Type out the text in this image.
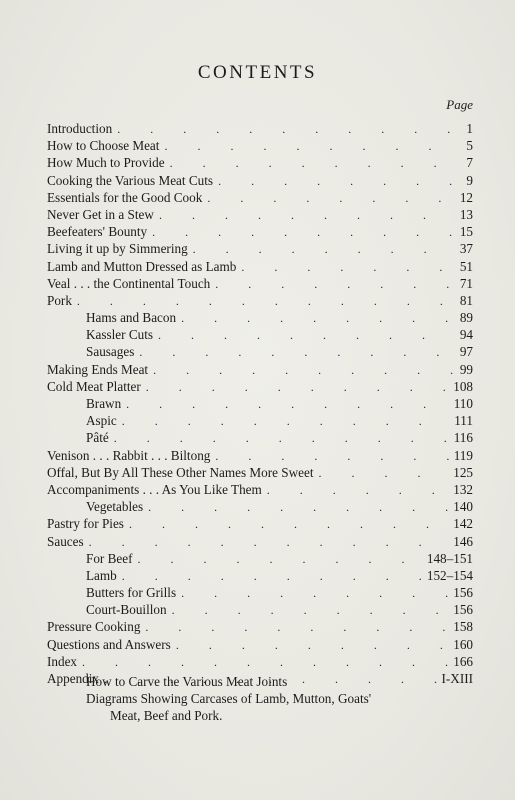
CONTENTS
Page
Introduction . . .	1
How to Choose Meat . . .	5
How Much to Provide . . .	7
Cooking the Various Meat Cuts . . .	9
Essentials for the Good Cook . . .	12
Never Get in a Stew . . .	13
Beefeaters' Bounty . . .	15
Living it up by Simmering . . .	37
Lamb and Mutton Dressed as Lamb . . .	51
Veal . . . the Continental Touch . . .	71
Pork . . .	81
Hams and Bacon . . .	89
Kassler Cuts . . .	94
Sausages . . .	97
Making Ends Meat . . .	99
Cold Meat Platter . . .	108
Brawn . . .	110
Aspic . . .	111
Pâté . . .	116
Venison . . . Rabbit . . . Biltong . . .	119
Offal, But By All These Other Names More Sweet . . .	125
Accompaniments . . . As You Like Them . . .	132
Vegetables . . .	140
Pastry for Pies . . .	142
Sauces . . .	146
For Beef . . .	148–151
Lamb . . .	152–154
Butters for Grills . . .	156
Court-Bouillon . . .	156
Pressure Cooking . . .	158
Questions and Answers . . .	160
Index . . .	166
Appendix . . .	I-XIII
How to Carve the Various Meat Joints
Diagrams Showing Carcases of Lamb, Mutton, Goats'
Meat, Beef and Pork.
